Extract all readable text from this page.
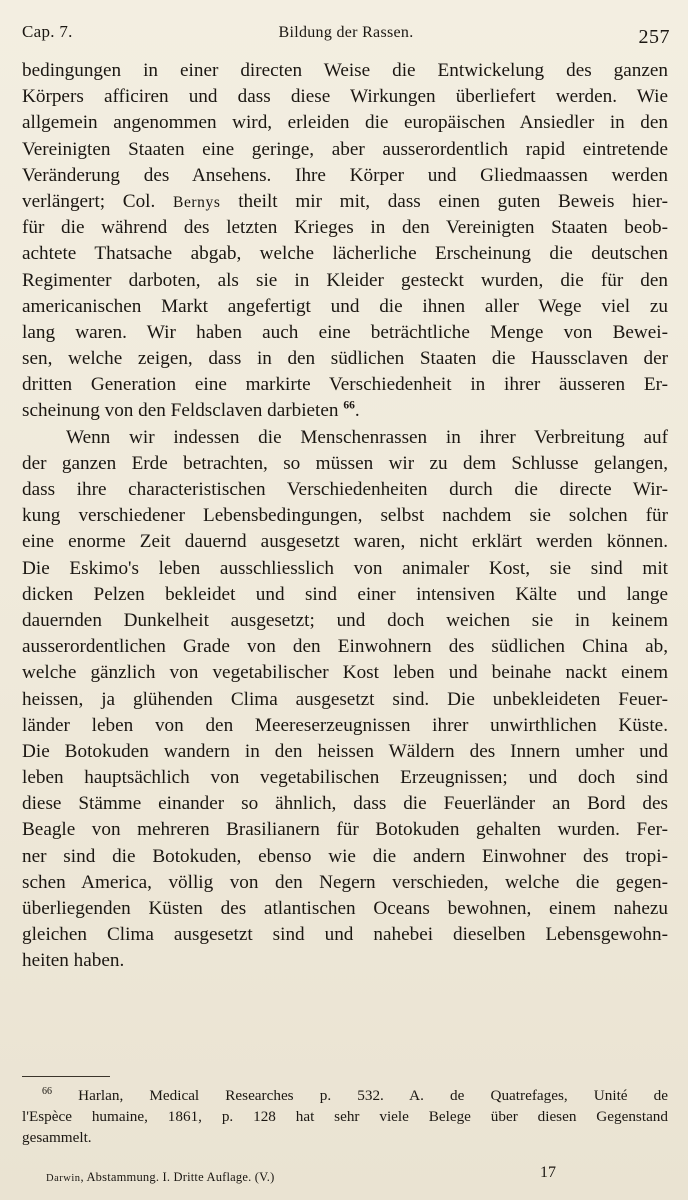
Cap. 7.	Bildung der Rassen.	257
bedingungen in einer directen Weise die Entwickelung des ganzen
Körpers afficiren und dass diese Wirkungen überliefert werden. Wie
allgemein angenommen wird, erleiden die europäischen Ansiedler in den
Vereinigten Staaten eine geringe, aber ausserordentlich rapid eintretende
Veränderung des Ansehens. Ihre Körper und Gliedmaassen werden
verlängert; Col. Bernys theilt mir mit, dass einen guten Beweis hier-
für die während des letzten Krieges in den Vereinigten Staaten beob-
achtete Thatsache abgab, welche lächerliche Erscheinung die deutschen
Regimenter darboten, als sie in Kleider gesteckt wurden, die für den
americanischen Markt angefertigt und die ihnen aller Wege viel zu
lang waren. Wir haben auch eine beträchtliche Menge von Bewei-
sen, welche zeigen, dass in den südlichen Staaten die Haussclaven der
dritten Generation eine markirte Verschiedenheit in ihrer äusseren Er-
scheinung von den Feldsclaven darbieten $^{66}$.
Wenn wir indessen die Menschenrassen in ihrer Verbreitung auf
der ganzen Erde betrachten, so müssen wir zu dem Schlusse gelangen,
dass ihre characteristischen Verschiedenheiten durch die directe Wir-
kung verschiedener Lebensbedingungen, selbst nachdem sie solchen für
eine enorme Zeit dauernd ausgesetzt waren, nicht erklärt werden können.
Die Eskimo's leben ausschliesslich von animaler Kost, sie sind mit
dicken Pelzen bekleidet und sind einer intensiven Kälte und lange
dauernden Dunkelheit ausgesetzt; und doch weichen sie in keinem
ausserordentlichen Grade von den Einwohnern des südlichen China ab,
welche gänzlich von vegetabilischer Kost leben und beinahe nackt einem
heissen, ja glühenden Clima ausgesetzt sind. Die unbekleideten Feuer-
länder leben von den Meereserzeugnissen ihrer unwirthlichen Küste.
Die Botokuden wandern in den heissen Wäldern des Innern umher und
leben hauptsächlich von vegetabilischen Erzeugnissen; und doch sind
diese Stämme einander so ähnlich, dass die Feuerländer an Bord des
Beagle von mehreren Brasilianern für Botokuden gehalten wurden. Fer-
ner sind die Botokuden, ebenso wie die andern Einwohner des tropi-
schen America, völlig von den Negern verschieden, welche die gegen-
überliegenden Küsten des atlantischen Oceans bewohnen, einem nahezu
gleichen Clima ausgesetzt sind und nahebei dieselben Lebensgewohn-
heiten haben.
$^{66}$ Harlan, Medical Researches p. 532. A. de Quatrefages, Unité de
l'Espèce humaine, 1861, p. 128 hat sehr viele Belege über diesen Gegenstand
gesammelt.
Darwin, Abstammung. I. Dritte Auflage. (V.)	17
